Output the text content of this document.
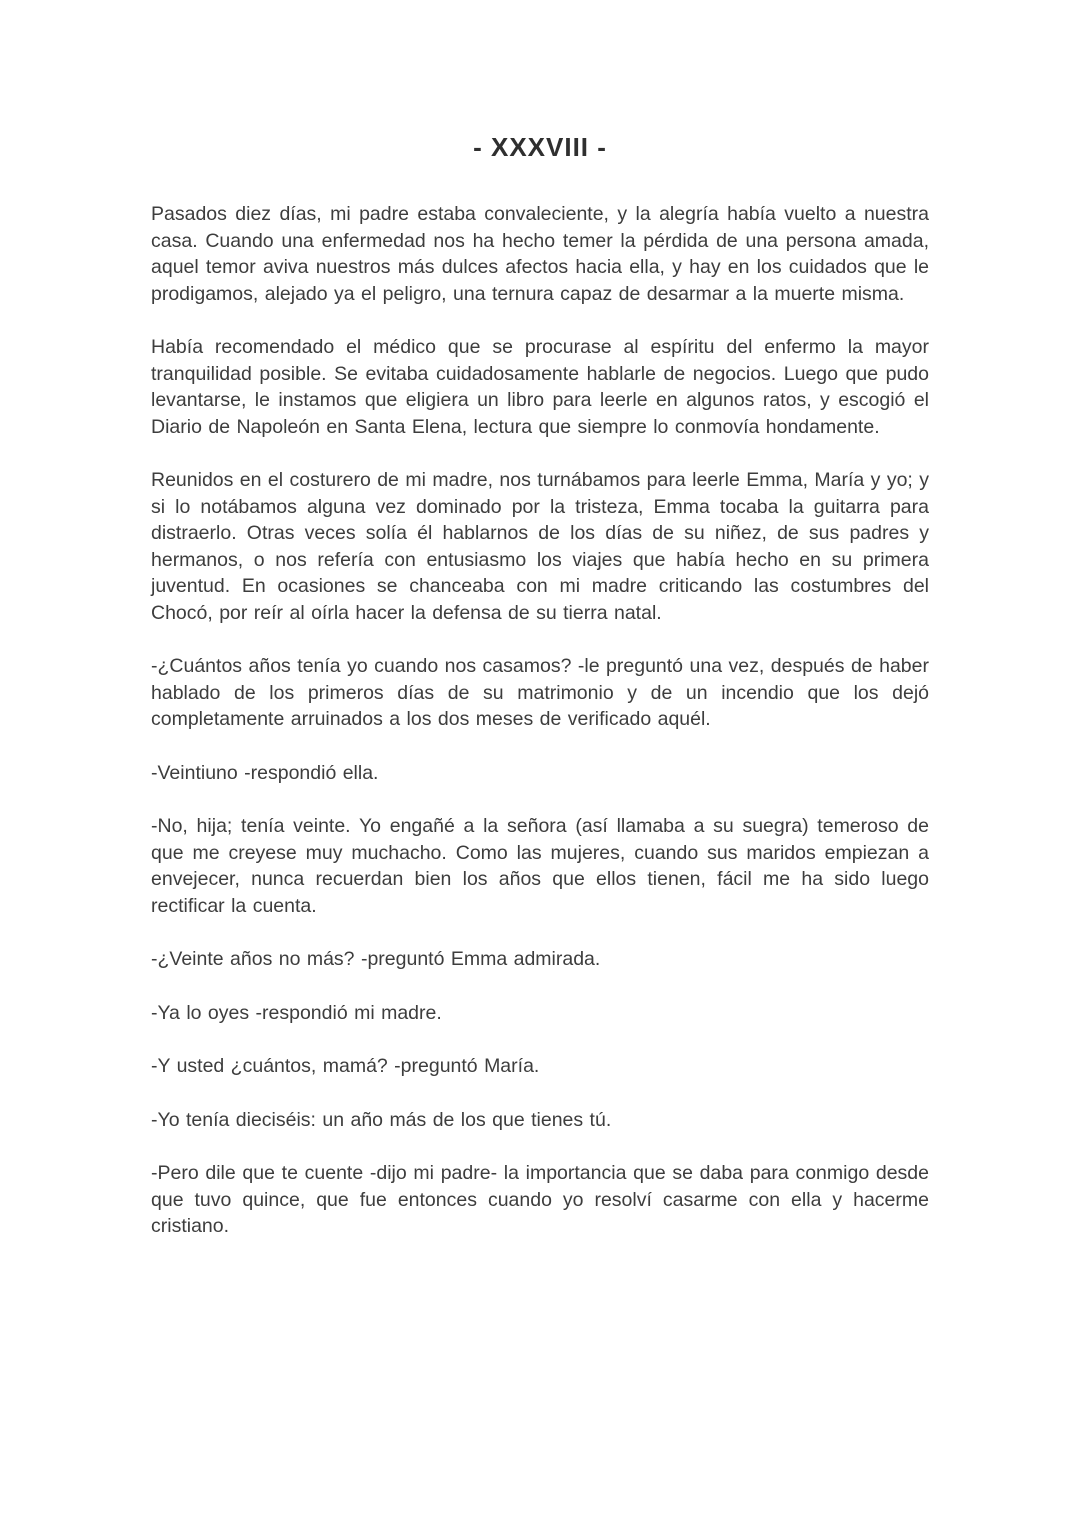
- XXXVIII -

Pasados diez días, mi padre estaba convaleciente, y la alegría había vuelto a nuestra casa. Cuando una enfermedad nos ha hecho temer la pérdida de una persona amada, aquel temor aviva nuestros más dulces afectos hacia ella, y hay en los cuidados que le prodigamos, alejado ya el peligro, una ternura capaz de desarmar a la muerte misma.

Había recomendado el médico que se procurase al espíritu del enfermo la mayor tranquilidad posible. Se evitaba cuidadosamente hablarle de negocios. Luego que pudo levantarse, le instamos que eligiera un libro para leerle en algunos ratos, y escogió el Diario de Napoleón en Santa Elena, lectura que siempre lo conmovía hondamente.

Reunidos en el costurero de mi madre, nos turnábamos para leerle Emma, María y yo; y si lo notábamos alguna vez dominado por la tristeza, Emma tocaba la guitarra para distraerlo. Otras veces solía él hablarnos de los días de su niñez, de sus padres y hermanos, o nos refería con entusiasmo los viajes que había hecho en su primera juventud. En ocasiones se chanceaba con mi madre criticando las costumbres del Chocó, por reír al oírla hacer la defensa de su tierra natal.

-¿Cuántos años tenía yo cuando nos casamos? -le preguntó una vez, después de haber hablado de los primeros días de su matrimonio y de un incendio que los dejó completamente arruinados a los dos meses de verificado aquél.

-Veintiuno -respondió ella.

-No, hija; tenía veinte. Yo engañé a la señora (así llamaba a su suegra) temeroso de que me creyese muy muchacho. Como las mujeres, cuando sus maridos empiezan a envejecer, nunca recuerdan bien los años que ellos tienen, fácil me ha sido luego rectificar la cuenta.

-¿Veinte años no más? -preguntó Emma admirada.

-Ya lo oyes -respondió mi madre.

-Y usted ¿cuántos, mamá? -preguntó María.

-Yo tenía dieciséis: un año más de los que tienes tú.

-Pero dile que te cuente -dijo mi padre- la importancia que se daba para conmigo desde que tuvo quince, que fue entonces cuando yo resolví casarme con ella y hacerme cristiano.
